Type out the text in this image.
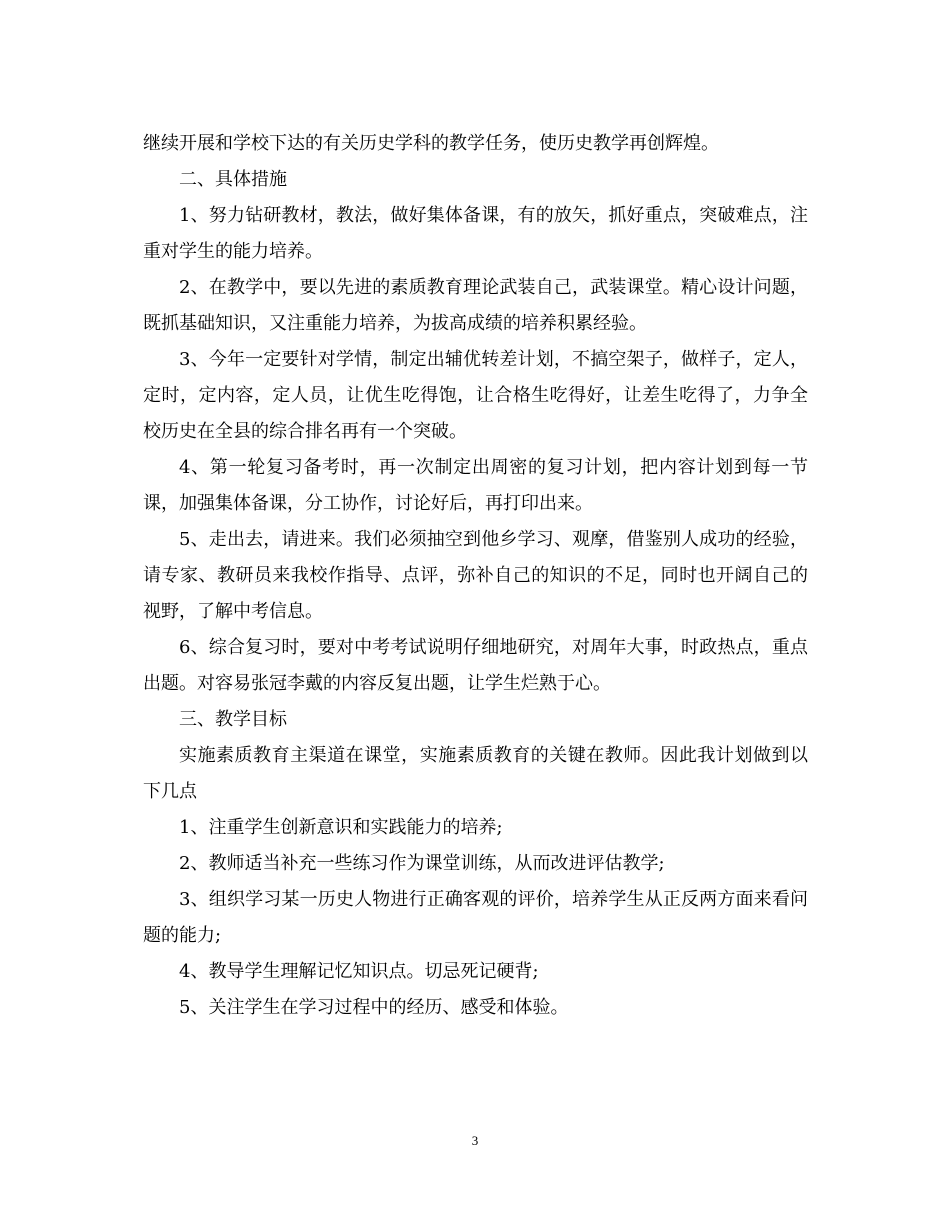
继续开展和学校下达的有关历史学科的教学任务，使历史教学再创辉煌。

二、具体措施

1、努力钻研教材，教法，做好集体备课，有的放矢，抓好重点，突破难点，注重对学生的能力培养。

2、在教学中，要以先进的素质教育理论武装自己，武装课堂。精心设计问题，既抓基础知识，又注重能力培养，为拔高成绩的培养积累经验。

3、今年一定要针对学情，制定出辅优转差计划，不搞空架子，做样子，定人，定时，定内容，定人员，让优生吃得饱，让合格生吃得好，让差生吃得了，力争全校历史在全县的综合排名再有一个突破。

4、第一轮复习备考时，再一次制定出周密的复习计划，把内容计划到每一节课，加强集体备课，分工协作，讨论好后，再打印出来。

5、走出去，请进来。我们必须抽空到他乡学习、观摩，借鉴别人成功的经验，请专家、教研员来我校作指导、点评，弥补自己的知识的不足，同时也开阔自己的视野，了解中考信息。

6、综合复习时，要对中考考试说明仔细地研究，对周年大事，时政热点，重点出题。对容易张冠李戴的内容反复出题，让学生烂熟于心。

三、教学目标

实施素质教育主渠道在课堂，实施素质教育的关键在教师。因此我计划做到以下几点

1、注重学生创新意识和实践能力的培养;

2、教师适当补充一些练习作为课堂训练，从而改进评估教学;

3、组织学习某一历史人物进行正确客观的评价，培养学生从正反两方面来看问题的能力;

4、教导学生理解记忆知识点。切忌死记硬背;

5、关注学生在学习过程中的经历、感受和体验。

3
